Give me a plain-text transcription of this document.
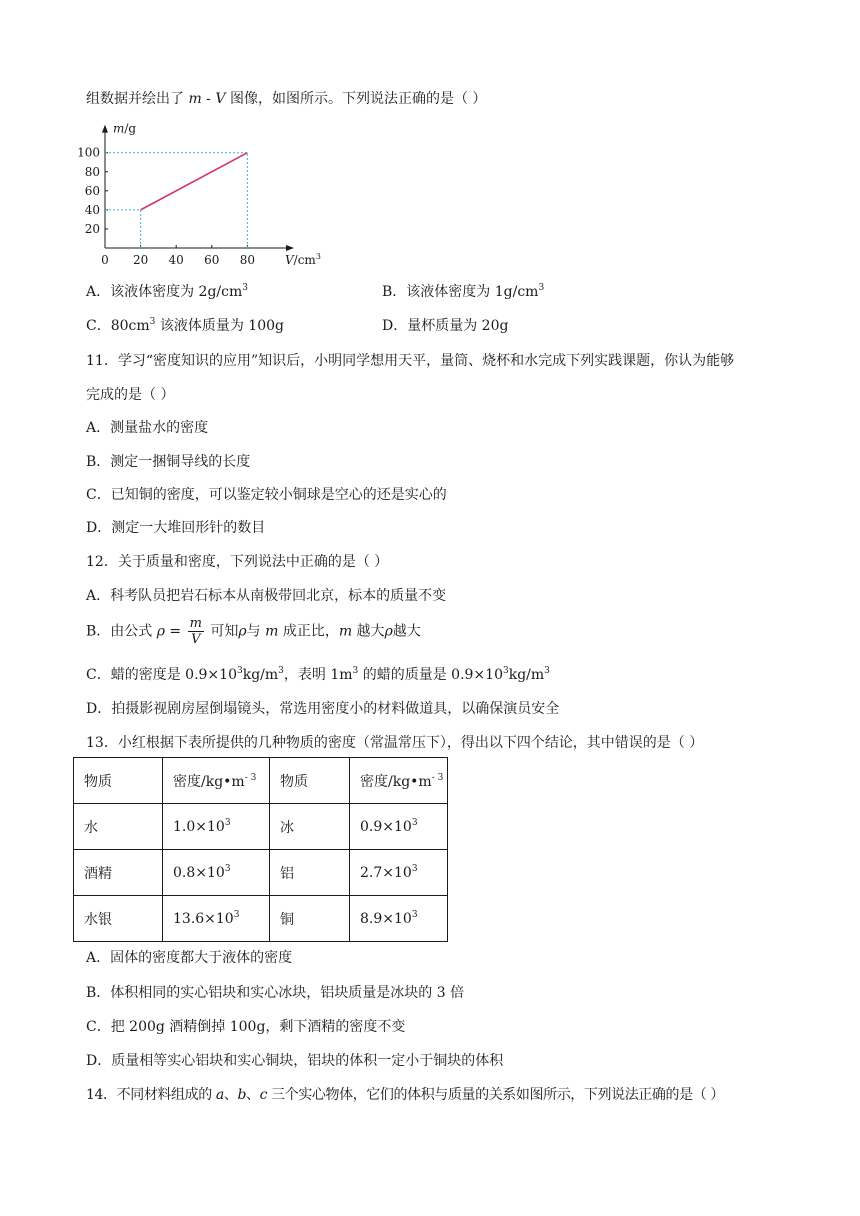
组数据并绘出了 m - V 图像，如图所示。下列说法正确的是（ ）
m/g
$V/cm^3$
0 20 40 60 80
20
40
60
80
100
A．该液体密度为 $2g/cm^3$	B．该液体密度为 $1g/cm^3$
C．$80cm^3$ 该液体质量为 100g	D．量杯质量为 20g
11．学习“密度知识的应用”知识后，小明同学想用天平，量筒、烧杯和水完成下列实践课题，你认为能够
完成的是（ ）
A．测量盐水的密度
B．测定一捆铜导线的长度
C．已知铜的密度，可以鉴定较小铜球是空心的还是实心的
D．测定一大堆回形针的数目
12．关于质量和密度，下列说法中正确的是（ ）
A．科考队员把岩石标本从南极带回北京，标本的质量不变
B．由公式 $\rho = \frac{m}{V}$ 可知ρ与 m 成正比，m 越大ρ越大
C．蜡的密度是 $0.9\times 10^3kg/m^3$，表明 $1m^3$ 的蜡的质量是 $0.9\times 10^3kg/m^3$
D．拍摄影视剧房屋倒塌镜头，常选用密度小的材料做道具，以确保演员安全
13．小红根据下表所提供的几种物质的密度（常温常压下），得出以下四个结论，其中错误的是（ ）
物质	密度$/kg•m^{- 3}$	物质	密度$/kg•m^{- 3}$
水	$1.0\times 10^3$	冰	$0.9\times 10^3$
酒精	$0.8\times 10^3$	铝	$2.7\times 10^3$
水银	$13.6\times 10^3$	铜	$8.9\times 10^3$
A．固体的密度都大于液体的密度
B．体积相同的实心铝块和实心冰块，铝块质量是冰块的 3 倍
C．把 200g 酒精倒掉 100g，剩下酒精的密度不变
D．质量相等实心铝块和实心铜块，铝块的体积一定小于铜块的体积
14．不同材料组成的 a、b、c 三个实心物体，它们的体积与质量的关系如图所示，下列说法正确的是（ ）
